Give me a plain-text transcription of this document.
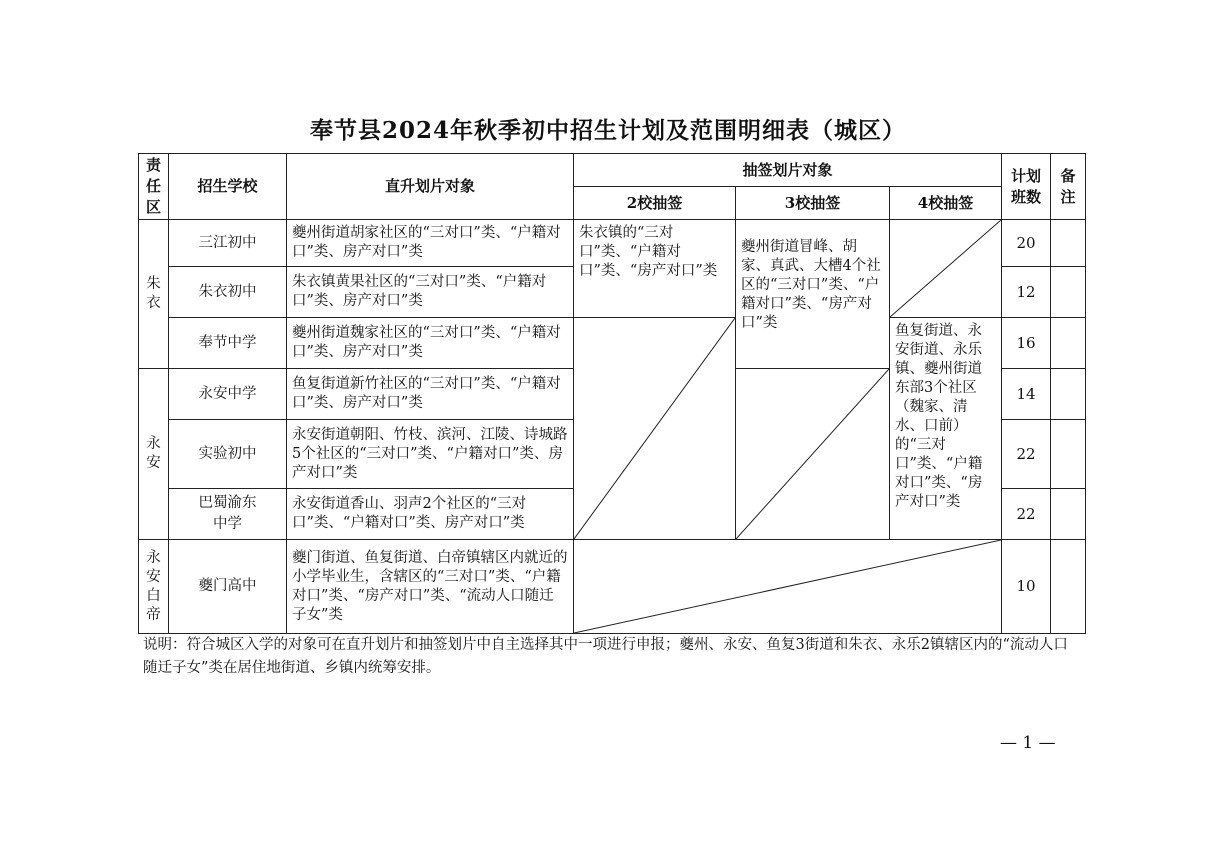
奉节县2024年秋季初中招生计划及范围明细表（城区）
责
任
区	招生学校	直升划片对象	抽签划片对象			计划
班数	备
注
			2校抽签	3校抽签	4校抽签		
朱
衣	三江初中	夔州街道胡家社区的“三对口”类、“户籍对口”类、房产对口”类	朱衣镇的“三对口”类、“户籍对口”类、“房产对口”类	夔州街道冒峰、胡家、真武、大槽4个社区的“三对口”类、“户籍对口”类、“房产对口”类		20	
	朱衣初中	朱衣镇黄果社区的“三对口”类、“户籍对口”类、房产对口”类				12	
	奉节中学	夔州街道魏家社区的“三对口”类、“户籍对口”类、房产对口”类			鱼复街道、永安街道、永乐镇、夔州街道东部3个社区（魏家、清水、口前）的“三对口”类、“户籍对口”类、“房产对口”类	16	
永
安	永安中学	鱼复街道新竹社区的“三对口”类、“户籍对口”类、房产对口”类				14	
	实验初中	永安街道朝阳、竹枝、滨河、江陵、诗城路5个社区的“三对口”类、“户籍对口”类、房产对口”类				22	
	巴蜀渝东
中学	永安街道香山、羽声2个社区的“三对口”类、“户籍对口”类、房产对口”类				22	
永
安
白
帝	夔门高中	夔门街道、鱼复街道、白帝镇辖区内就近的小学毕业生，含辖区的“三对口”类、“户籍对口”类、“房产对口”类、“流动人口随迁子女”类				10	
说明：符合城区入学的对象可在直升划片和抽签划片中自主选择其中一项进行申报；夔州、永安、鱼复3街道和朱衣、永乐2镇辖区内的“流动人口随迁子女”类在居住地街道、乡镇内统筹安排。
— 1 —
